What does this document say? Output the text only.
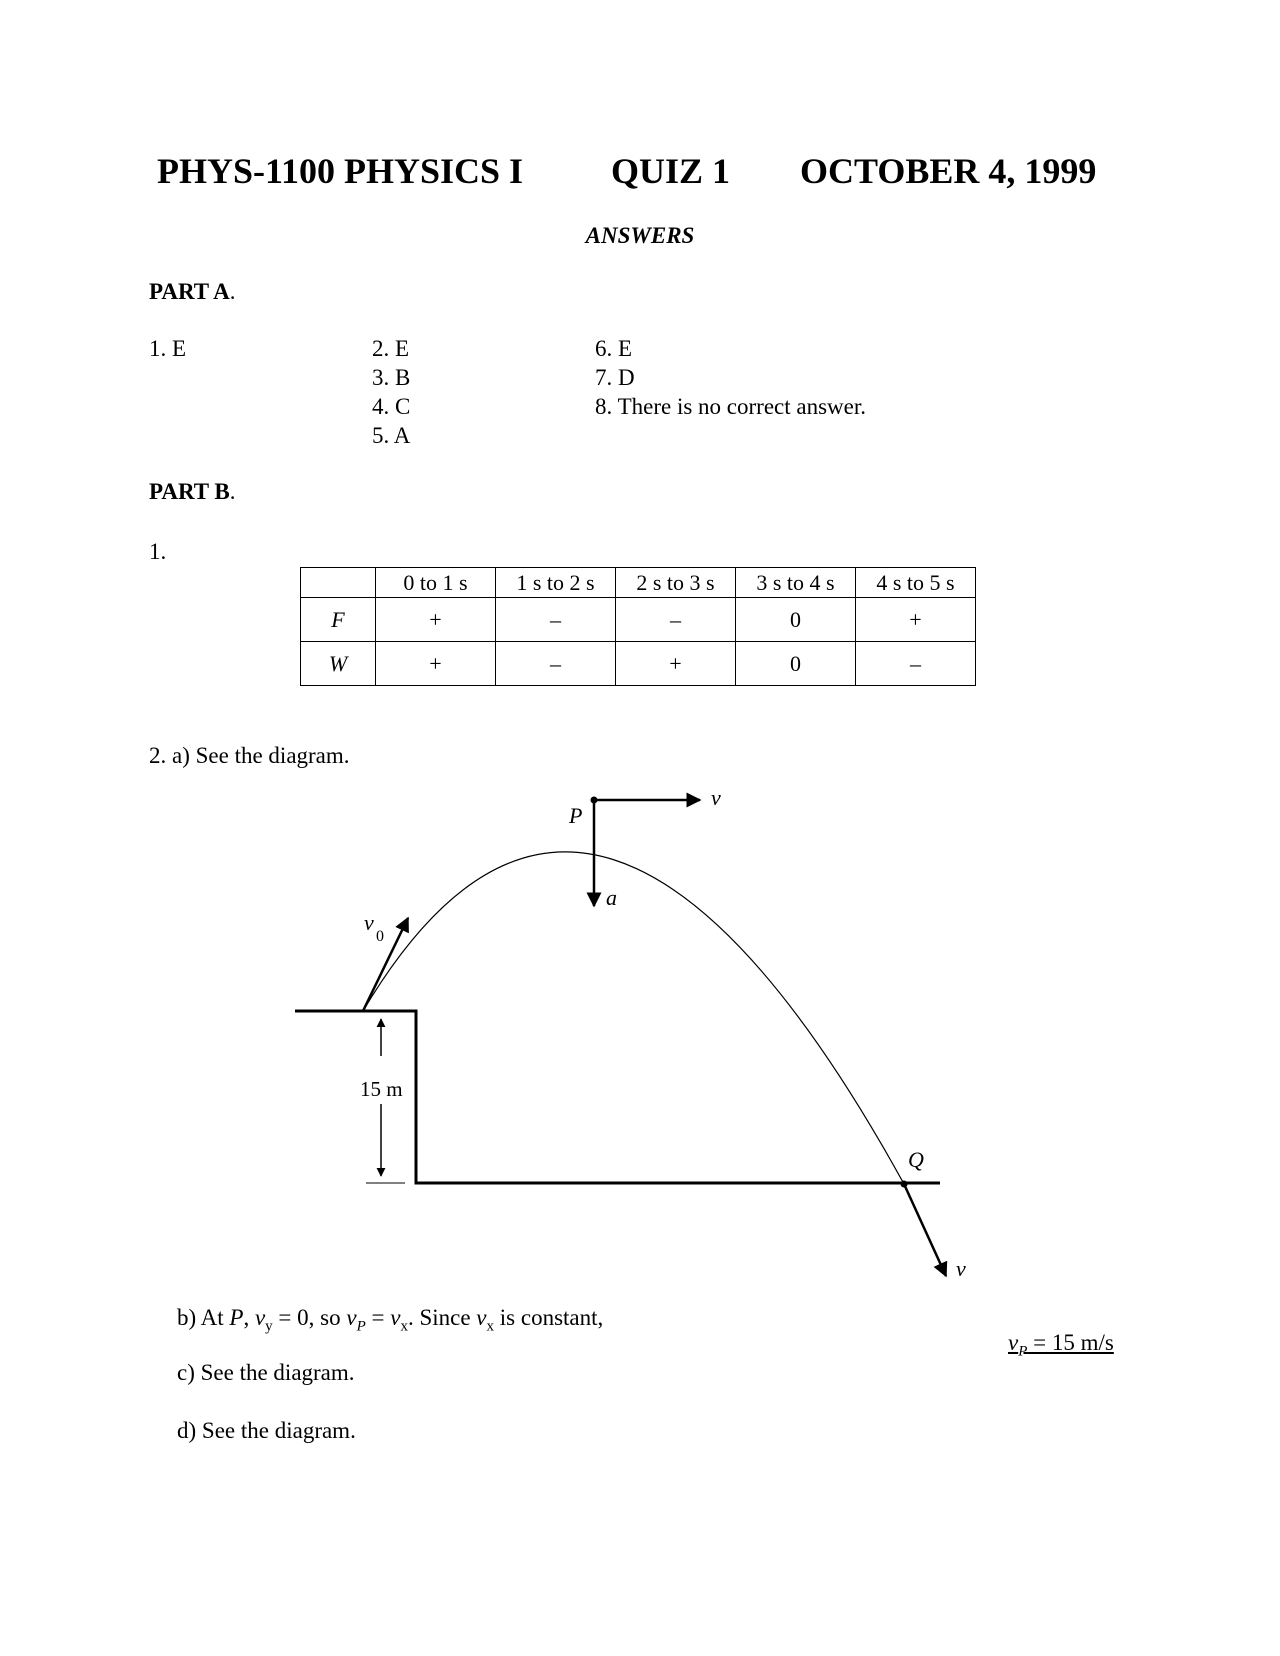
PHYS-1100 PHYSICS I QUIZ 1 OCTOBER 4, 1999
ANSWERS
PART A.
1. E	2. E
3. B
4. C
5. A
6. E
7. D
8. There is no correct answer.
PART B.
1.
	0 to 1 s	1 s to 2 s	2 s to 3 s	3 s to 4 s	4 s to 5 s
F	+	–	–	0	+
W	+	–	+	0	–
2. a) See the diagram.
P
v
a
v
0
15 m
Q
v
b) At P, $v_y = 0$, so $v_P = v_x$. Since $v_x$ is constant,
$v_P = 15$ m/s
c) See the diagram.
d) See the diagram.
